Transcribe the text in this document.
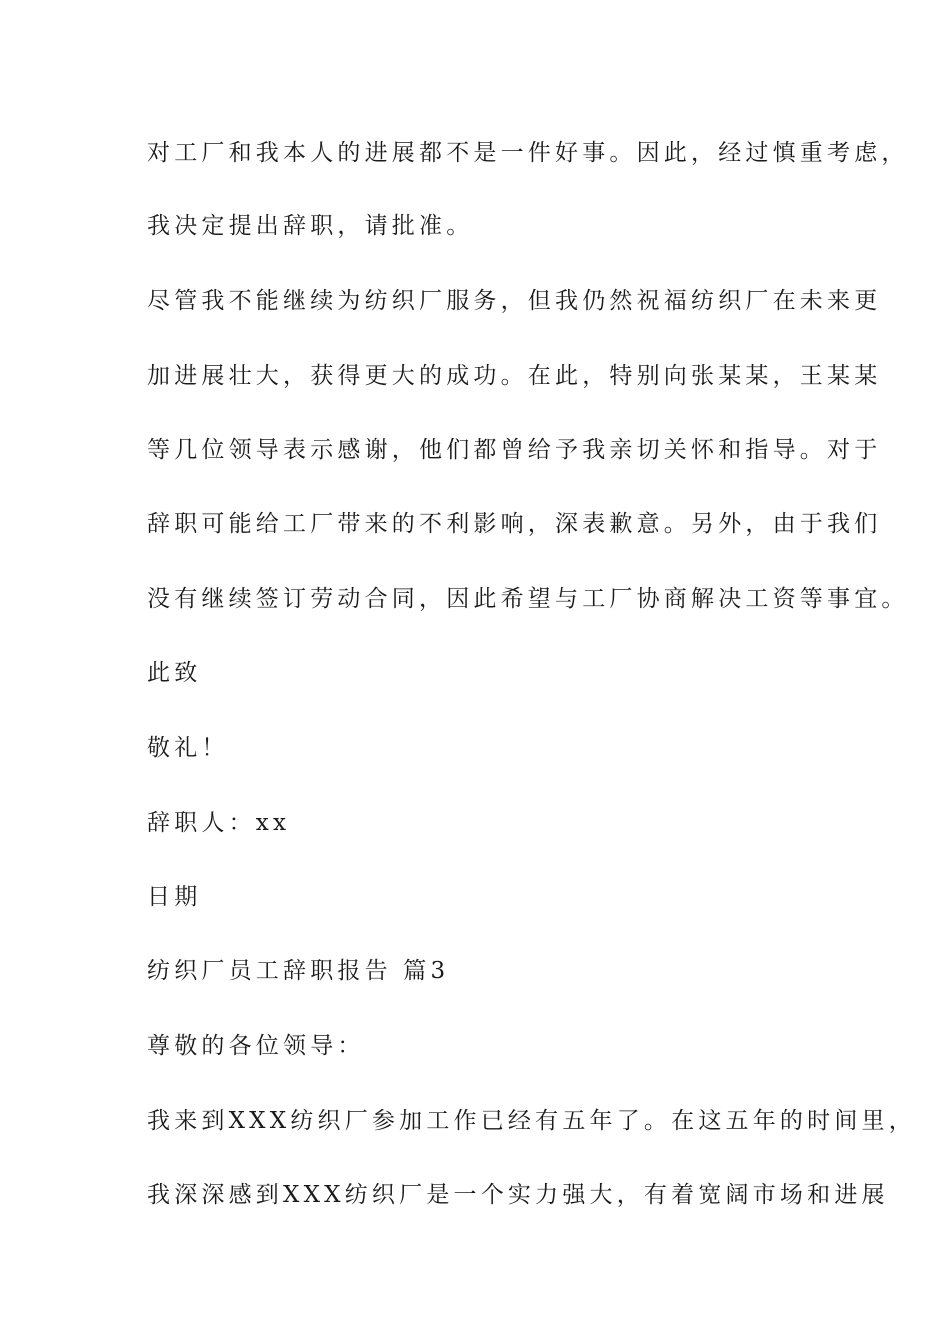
对工厂和我本人的进展都不是一件好事。因此，经过慎重考虑，
我决定提出辞职，请批准。
尽管我不能继续为纺织厂服务，但我仍然祝福纺织厂在未来更
加进展壮大，获得更大的成功。在此，特别向张某某，王某某
等几位领导表示感谢，他们都曾给予我亲切关怀和指导。对于
辞职可能给工厂带来的不利影响，深表歉意。另外，由于我们
没有继续签订劳动合同，因此希望与工厂协商解决工资等事宜。
此致
敬礼！
辞职人：xx
日期
纺织厂员工辞职报告 篇3
尊敬的各位领导：
我来到XXX纺织厂参加工作已经有五年了。在这五年的时间里，
我深深感到XXX纺织厂是一个实力强大，有着宽阔市场和进展
